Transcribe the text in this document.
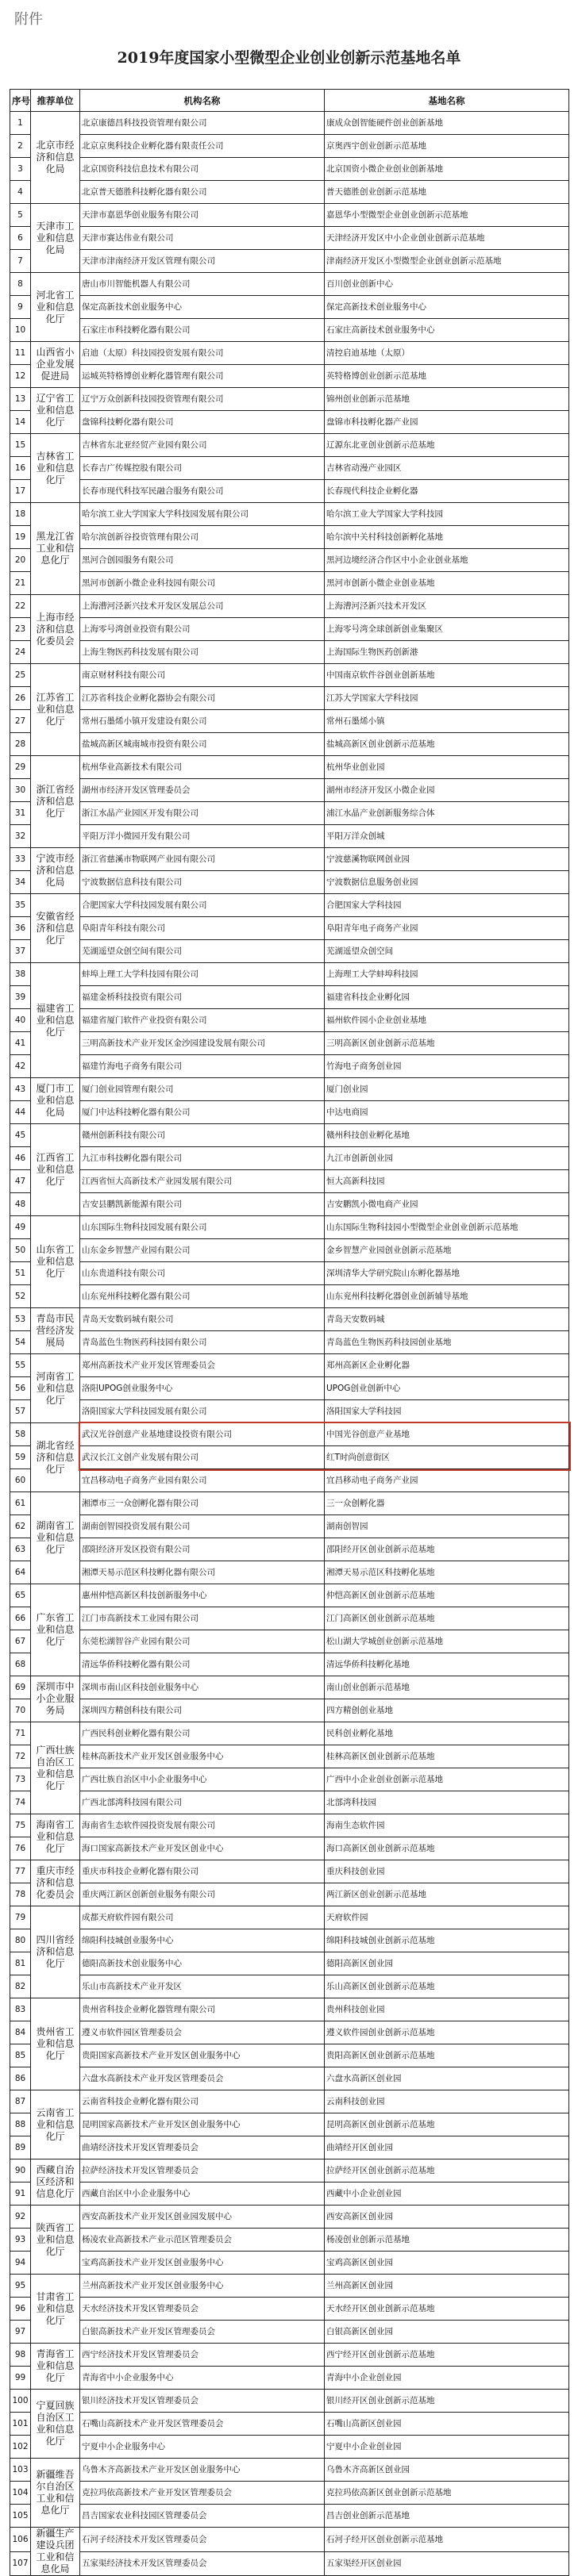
附件
2019年度国家小型微型企业创业创新示范基地名单
序号	推荐单位	机构名称	基地名称
1	北京市经济和信息化局	北京康德昌科技投资管理有限公司	康成众创智能硬件创业创新基地
2		北京京奥科技企业孵化器有限责任公司	京奥西宇创业创新示范基地
3		北京国资科技信息技术有限公司	北京国资小微企业创业创新基地
4		北京普天德胜科技孵化器有限公司	普天德胜创业创新示范基地
5	天津市工业和信息化局	天津市嘉恩华创业服务有限公司	嘉恩华小型微型企业创业创新示范基地
6		天津市赛达伟业有限公司	天津经济开发区中小企业创业创新示范基地
7		天津市津南经济开发区管理有限公司	津南经济开发区小型微型企业创业创新示范基地
8	河北省工业和信息化厅	唐山市川智能机器人有限公司	百川创业创新中心
9		保定高新技术创业服务中心	保定高新技术创业服务中心
10		石家庄市科技孵化器有限公司	石家庄高新技术创业服务中心
11	山西省小企业发展促进局	启迪（太原）科技园投资发展有限公司	清控启迪基地（太原）
12		运城英特格博创业孵化器管理有限公司	英特格博创业创新示范基地
13	辽宁省工业和信息化厅	辽宁万众创新科技园投资管理有限公司	锦州创业创新示范基地
14		盘锦科技孵化器有限公司	盘锦市科技孵化器产业园
15	吉林省工业和信息化厅	吉林省东北亚经贸产业园有限公司	辽源东北亚创业创新示范基地
16		长春吉广传媒控股有限公司	吉林省动漫产业园区
17		长春市现代科技军民融合服务有限公司	长春现代科技企业孵化器
18	黑龙江省工业和信息化厅	哈尔滨工业大学国家大学科技园发展有限公司	哈尔滨工业大学国家大学科技园
19		哈尔滨创新谷投资管理有限公司	哈尔滨中关村科技创新孵化基地
20		黑河合创园服务有限公司	黑河边境经济合作区中小企业创业基地
21		黑河市创新小微企业科技园有限公司	黑河市创新小微企业创业基地
22	上海市经济和信息化委员会	上海漕河泾新兴技术开发区发展总公司	上海漕河泾新兴技术开发区
23		上海零号湾创业投资有限公司	上海零号湾全球创新创业集聚区
24		上海生物医药科技发展有限公司	上海国际生物医药创新港
25	江苏省工业和信息化厅	南京财材科技有限公司	中国南京软件谷创业创新基地
26		江苏省科技企业孵化器协会有限公司	江苏大学国家大学科技园
27		常州石墨烯小镇开发建设有限公司	常州石墨烯小镇
28		盐城高新区城南城市投资有限公司	盐城高新区创业创新示范基地
29	浙江省经济和信息化厅	杭州华业高新技术有限公司	杭州华业创业园
30		湖州市经济开发区管理委员会	湖州市经济开发区小微企业园
31		浙江水晶产业园区开发有限公司	浦江水晶产业创新服务综合体
32		平阳万洋小微园开发有限公司	平阳万洋众创城
33	宁波市经济和信息化局	浙江省慈溪市物联网产业园有限公司	宁波慈溪物联网创业园
34		宁波数据信息科技有限公司	宁波数据信息服务创业园
35	安徽省经济和信息化厅	合肥国家大学科技园发展有限公司	合肥国家大学科技园
36		阜阳青年科技有限公司	阜阳青年电子商务产业园
37		芜湖遥望众创空间有限公司	芜湖遥望众创空间
38	福建省工业和信息化厅	蚌埠上理工大学科技园有限公司	上海理工大学蚌埠科技园
39		福建金桥科技投资有限公司	福建省科技企业孵化园
40		福建省厦门软件产业投资有限公司	福州软件园小企业创业基地
41		三明高新技术产业开发区金沙园建设发展有限公司	三明高新区创业创新示范基地
42		福建竹海电子商务有限公司	竹海电子商务创业园
43	厦门市工业和信息化局	厦门创业园管理有限公司	厦门创业园
44		厦门中达科技孵化器有限公司	中达电商园
45	江西省工业和信息化厅	赣州创新科技有限公司	赣州科技创业孵化基地
46		九江市科技孵化器有限公司	九江市创新创业园
47		江西省恒大高新技术产业园发展有限公司	恒大高新科技园
48		吉安县鹏凯新能源有限公司	吉安鹏凯小微电商产业园
49	山东省工业和信息化厅	山东国际生物科技园发展有限公司	山东国际生物科技园小型微型企业创业创新示范基地
50		山东金乡智慧产业园有限公司	金乡智慧产业园创业创新示范基地
51		山东贵道科技有限公司	深圳清华大学研究院山东孵化器基地
52		山东兖州科技孵化器有限公司	山东兖州科技孵化器创业创新辅导基地
53	青岛市民营经济发展局	青岛天安数码城有限公司	青岛天安数码城
54		青岛蓝色生物医药科技园有限公司	青岛蓝色生物医药科技园创业基地
55	河南省工业和信息化厅	郑州高新技术产业开发区管理委员会	郑州高新区企业孵化器
56		洛阳UPOG创业服务中心	UPOG创业创新中心
57		洛阳国家大学科技园发展有限公司	洛阳国家大学科技园
58	湖北省经济和信息化厅	武汉光谷创意产业基地建设投资有限公司	中国光谷创意产业基地
59		武汉长江文创产业发展有限公司	红T时尚创意街区
60		宜昌移动电子商务产业园有限公司	宜昌移动电子商务产业园
61	湖南省工业和信息化厅	湘潭市三一众创孵化器有限公司	三一众创孵化器
62		湖南创智园投资发展有限公司	湖南创智园
63		邵阳经济开发区投资有限公司	邵阳经开区创业创新示范基地
64		湘潭天易示范区科技孵化器有限公司	湘潭天易示范区科技孵化基地
65	广东省工业和信息化厅	惠州仲恺高新区科技创新服务中心	仲恺高新区创业创新示范基地
66		江门市高新技术工业园有限公司	江门高新区创业创新示范基地
67		东莞松湖智谷产业园有限公司	松山湖大学城创业创新示范基地
68		清远华侨科技孵化器有限公司	清远华侨科技孵化基地
69	深圳市中小企业服务局	深圳市南山区科技创业服务中心	南山创业创新示范基地
70		深圳四方精创科技有限公司	四方精创创业基地
71	广西壮族自治区工业和信息化厅	广西民科创业孵化器有限公司	民科创业孵化基地
72		桂林高新技术产业开发区创业服务中心	桂林高新区创业创新示范基地
73		广西壮族自治区中小企业服务中心	广西中小企业创业创新示范基地
74		广西北部湾科技园有限公司	北部湾科技园
75	海南省工业和信息化厅	海南省生态软件园投资发展有限公司	海南生态软件园
76		海口国家高新技术产业开发区创业中心	海口高新区创业创新示范基地
77	重庆市经济和信息化委员会	重庆市科技企业孵化器有限公司	重庆科技创业园
78		重庆两江新区创新创业服务有限公司	两江新区创业创新示范基地
79	四川省经济和信息化厅	成都天府软件园有限公司	天府软件园
80		绵阳科技城创业服务中心	绵阳科技城创业创新示范基地
81		德阳高新技术创业服务中心	德阳高新区创业园
82		乐山市高新技术产业开发区	乐山高新区创业创新示范基地
83	贵州省工业和信息化厅	贵州省科技企业孵化器管理有限公司	贵州科技创业园
84		遵义市软件园区管理委员会	遵义软件园创业创新示范基地
85		贵阳国家高新技术产业开发区创业服务中心	贵阳高新区创业创新示范基地
86		六盘水高新技术产业开发区管理委员会	六盘水高新区创业园
87	云南省工业和信息化厅	云南省科技企业孵化器有限公司	云南科技创业园
88		昆明国家高新技术产业开发区创业服务中心	昆明高新区创业创新示范基地
89		曲靖经济技术开发区管理委员会	曲靖经开区创业园
90	西藏自治区经济和信息化厅	拉萨经济技术开发区管理委员会	拉萨经开区创业创新示范基地
91		西藏自治区中小企业服务中心	西藏中小企业创业园
92	陕西省工业和信息化厅	西安高新技术产业开发区创业园发展中心	西安高新区创业园
93		杨凌农业高新技术产业示范区管理委员会	杨凌创业创新示范基地
94		宝鸡高新技术产业开发区创业服务中心	宝鸡高新区创业园
95	甘肃省工业和信息化厅	兰州高新技术产业开发区创业服务中心	兰州高新区创业园
96		天水经济技术开发区管理委员会	天水经开区创业创新示范基地
97		白银高新技术产业开发区管理委员会	白银高新区创业园
98	青海省工业和信息化厅	西宁经济技术开发区管理委员会	西宁经开区创业创新示范基地
99		青海省中小企业服务中心	青海中小企业创业园
100	宁夏回族自治区工业和信息化厅	银川经济技术开发区管理委员会	银川经开区创业创新示范基地
101		石嘴山高新技术产业开发区管理委员会	石嘴山高新区创业园
102		宁夏中小企业服务中心	宁夏中小企业创业园
103	新疆维吾尔自治区工业和信息化厅	乌鲁木齐高新技术产业开发区创业服务中心	乌鲁木齐高新区创业园
104		克拉玛依高新技术产业开发区管理委员会	克拉玛依高新区创业创新示范基地
105		昌吉国家农业科技园区管理委员会	昌吉创业创新示范基地
106	新疆生产建设兵团工业和信息化局	石河子经济技术开发区管理委员会	石河子经开区创业创新示范基地
107		五家渠经济技术开发区管理委员会	五家渠经开区创业园
